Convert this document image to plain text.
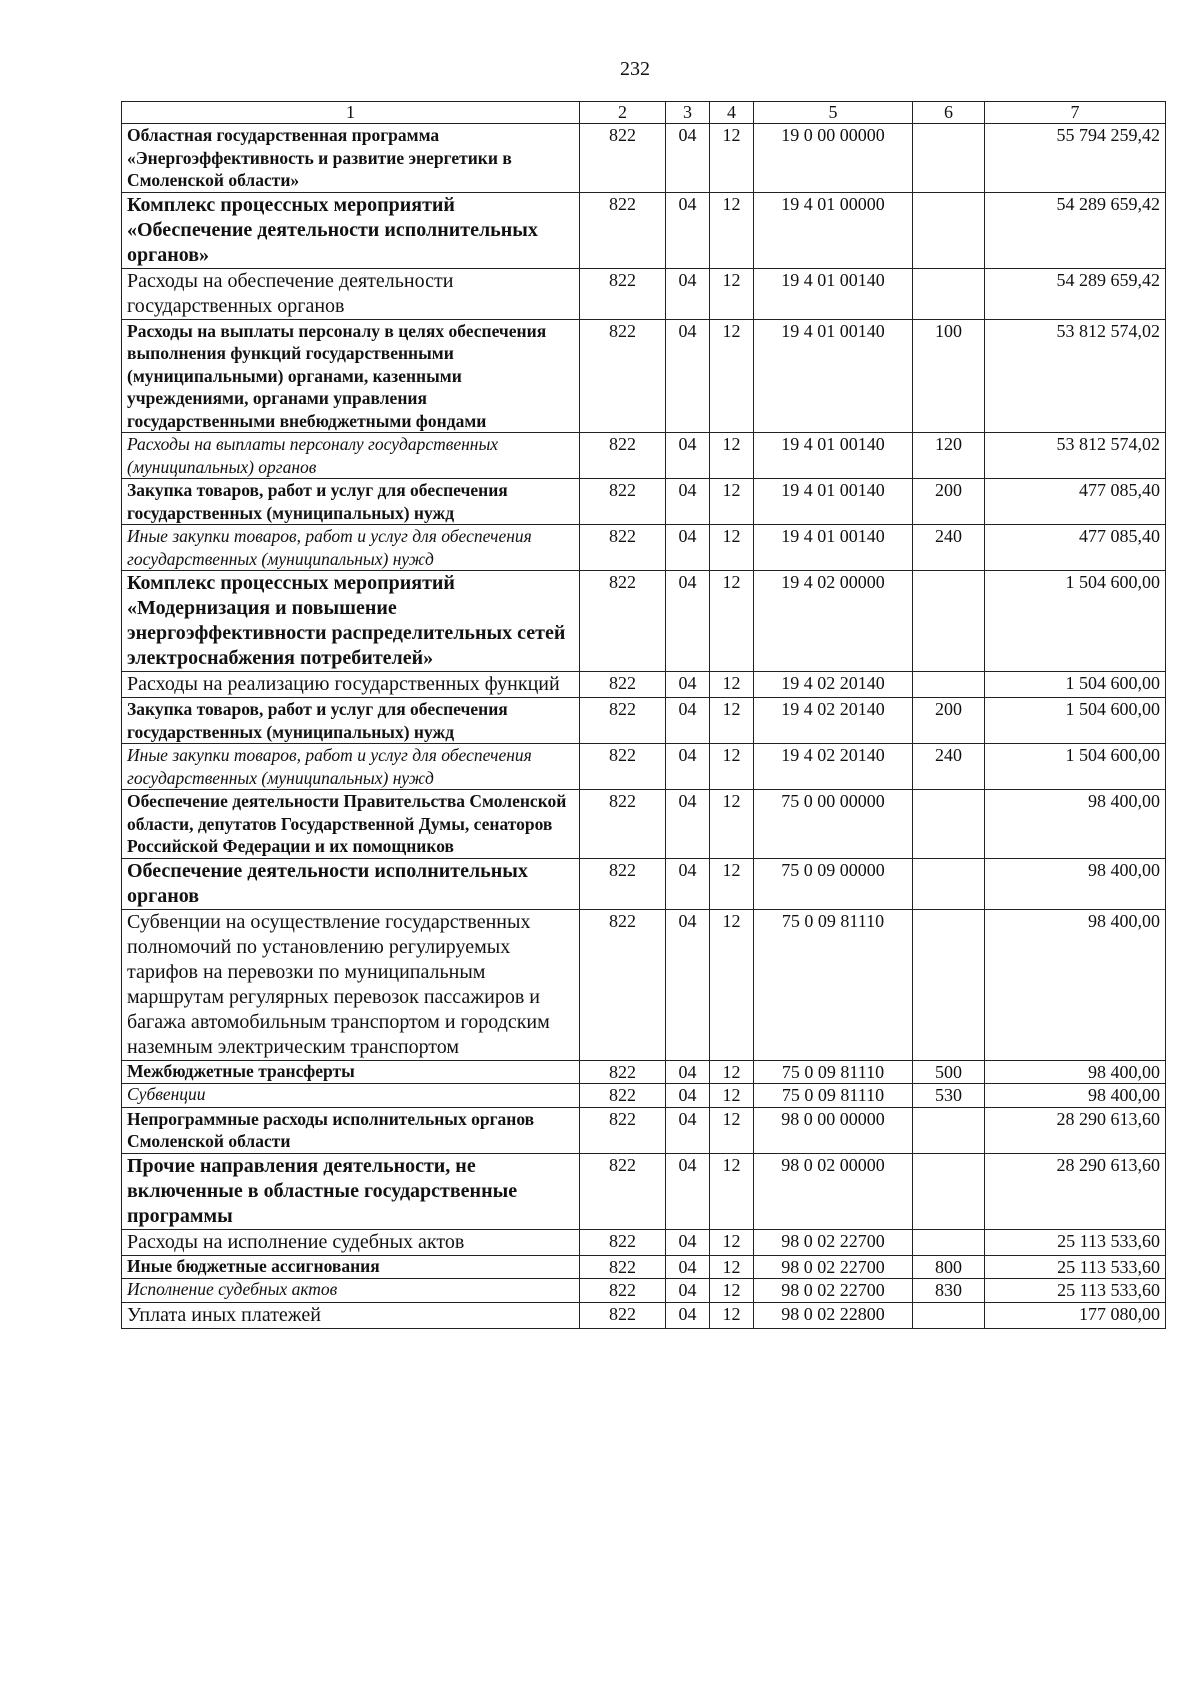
232
1	2	3	4	5	6	7
Областная государственная программа «Энергоэффективность и развитие энергетики в Смоленской области»	822	04	12	19 0 00 00000		55 794 259,42
Комплекс процессных мероприятий «Обеспечение деятельности исполнительных органов»	822	04	12	19 4 01 00000		54 289 659,42
Расходы на обеспечение деятельности государственных органов	822	04	12	19 4 01 00140		54 289 659,42
Расходы на выплаты персоналу в целях обеспечения выполнения функций государственными (муниципальными) органами, казенными учреждениями, органами управления государственными внебюджетными фондами	822	04	12	19 4 01 00140	100	53 812 574,02
Расходы на выплаты персоналу государственных (муниципальных) органов	822	04	12	19 4 01 00140	120	53 812 574,02
Закупка товаров, работ и услуг для обеспечения государственных (муниципальных) нужд	822	04	12	19 4 01 00140	200	477 085,40
Иные закупки товаров, работ и услуг для обеспечения государственных (муниципальных) нужд	822	04	12	19 4 01 00140	240	477 085,40
Комплекс процессных мероприятий «Модернизация и повышение энергоэффективности распределительных сетей электроснабжения потребителей»	822	04	12	19 4 02 00000		1 504 600,00
Расходы на реализацию государственных функций	822	04	12	19 4 02 20140		1 504 600,00
Закупка товаров, работ и услуг для обеспечения государственных (муниципальных) нужд	822	04	12	19 4 02 20140	200	1 504 600,00
Иные закупки товаров, работ и услуг для обеспечения государственных (муниципальных) нужд	822	04	12	19 4 02 20140	240	1 504 600,00
Обеспечение деятельности Правительства Смоленской области, депутатов Государственной Думы, сенаторов Российской Федерации и их помощников	822	04	12	75 0 00 00000		98 400,00
Обеспечение деятельности исполнительных органов	822	04	12	75 0 09 00000		98 400,00
Субвенции на осуществление государственных полномочий по установлению регулируемых тарифов на перевозки по муниципальным маршрутам регулярных перевозок пассажиров и багажа автомобильным транспортом и городским наземным электрическим транспортом	822	04	12	75 0 09 81110		98 400,00
Межбюджетные трансферты	822	04	12	75 0 09 81110	500	98 400,00
Субвенции	822	04	12	75 0 09 81110	530	98 400,00
Непрограммные расходы исполнительных органов Смоленской области	822	04	12	98 0 00 00000		28 290 613,60
Прочие направления деятельности, не включенные в областные государственные программы	822	04	12	98 0 02 00000		28 290 613,60
Расходы на исполнение судебных актов	822	04	12	98 0 02 22700		25 113 533,60
Иные бюджетные ассигнования	822	04	12	98 0 02 22700	800	25 113 533,60
Исполнение судебных актов	822	04	12	98 0 02 22700	830	25 113 533,60
Уплата иных платежей	822	04	12	98 0 02 22800		177 080,00
